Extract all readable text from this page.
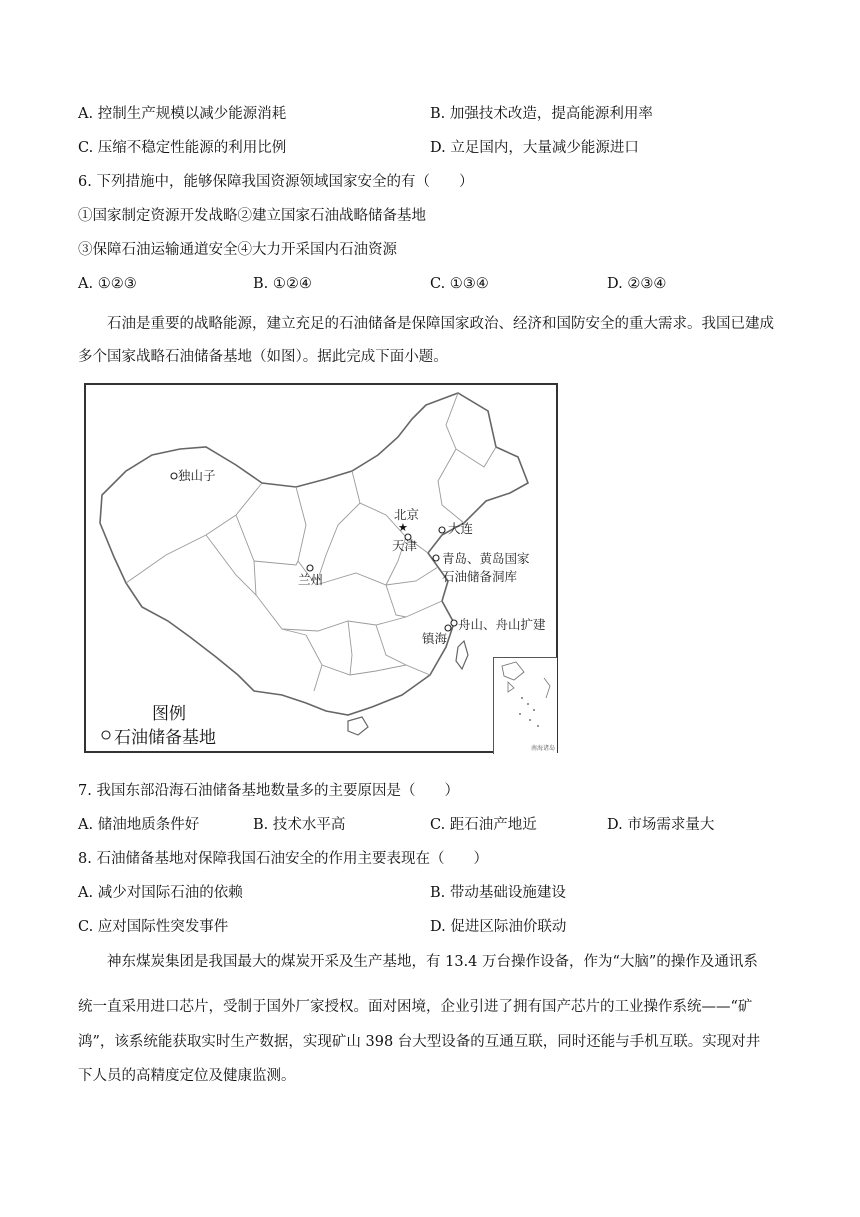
A. 控制生产规模以减少能源消耗	B. 加强技术改造，提高能源利用率
C. 压缩不稳定性能源的利用比例	D. 立足国内，大量减少能源进口
6. 下列措施中，能够保障我国资源领域国家安全的有（　　）
①国家制定资源开发战略②建立国家石油战略储备基地
③保障石油运输通道安全④大力开采国内石油资源
A. ①②③	B. ①②④	C. ①③④	D. ②③④
石油是重要的战略能源，建立充足的石油储备是保障国家政治、经济和国防安全的重大需求。我国已建成多个国家战略石油储备基地（如图）。据此完成下面小题。
★
独山子
北京
天津
大连
青岛、黄岛国家
石油储备洞库
兰州
舟山、舟山扩建
镇海
图例
石油储备基地
南海诸岛
7. 我国东部沿海石油储备基地数量多的主要原因是（　　）
A. 储油地质条件好	B. 技术水平高	C. 距石油产地近	D. 市场需求量大
8. 石油储备基地对保障我国石油安全的作用主要表现在（　　）
A. 减少对国际石油的依赖	B. 带动基础设施建设
C. 应对国际性突发事件	D. 促进区际油价联动
神东煤炭集团是我国最大的煤炭开采及生产基地，有 13.4 万台操作设备，作为“大脑”的操作及通讯系
统一直采用进口芯片，受制于国外厂家授权。面对困境，企业引进了拥有国产芯片的工业操作系统——“矿
鸿”，该系统能获取实时生产数据，实现矿山 398 台大型设备的互通互联，同时还能与手机互联。实现对井
下人员的高精度定位及健康监测。
